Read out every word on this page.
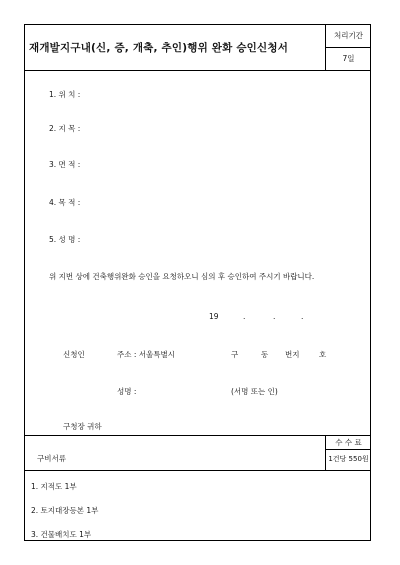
재개발지구내(신, 증, 개축, 추인)행위 완화 승인신청서
처리기간
7일
1. 위 치 :
2. 지 목 :
3. 면 적 :
4. 목 적 :
5. 성 명 :
위 지번 상에 건축행위완화 승인을 요청하오니 심의 후 승인하여 주시기 바랍니다.
19	.	.	.
신청인	주소 : 서울특별시	구	동 번지	호
성명 :	(서명 또는 인)
구청장 귀하
구비서류
수 수 료
1건당 550원
1. 지적도 1부
2. 토지대장등본 1부
3. 건물배치도 1부
